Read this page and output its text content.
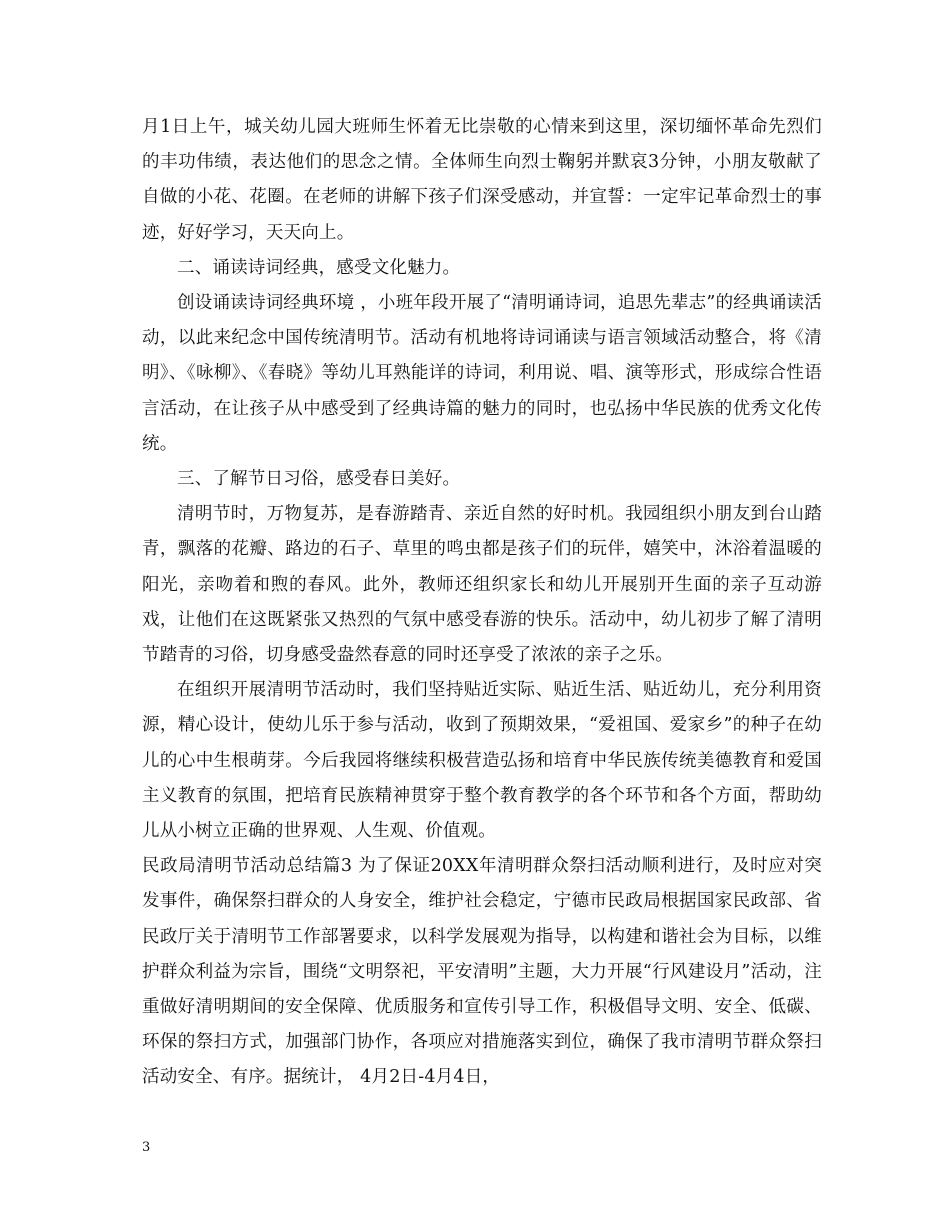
月1日上午，城关幼儿园大班师生怀着无比崇敬的心情来到这里，深切缅怀革命先烈们的丰功伟绩，表达他们的思念之情。全体师生向烈士鞠躬并默哀3分钟，小朋友敬献了自做的小花、花圈。在老师的讲解下孩子们深受感动，并宣誓：一定牢记革命烈士的事迹，好好学习，天天向上。

二、诵读诗词经典，感受文化魅力。

创设诵读诗词经典环境 ，小班年段开展了“清明诵诗词，追思先辈志”的经典诵读活动，以此来纪念中国传统清明节。活动有机地将诗词诵读与语言领域活动整合，将《清明》、《咏柳》、《春晓》等幼儿耳熟能详的诗词，利用说、唱、演等形式，形成综合性语言活动，在让孩子从中感受到了经典诗篇的魅力的同时，也弘扬中华民族的优秀文化传统。

三、了解节日习俗，感受春日美好。

清明节时，万物复苏，是春游踏青、亲近自然的好时机。我园组织小朋友到台山踏青，飘落的花瓣、路边的石子、草里的鸣虫都是孩子们的玩伴，嬉笑中，沐浴着温暖的阳光，亲吻着和煦的春风。此外，教师还组织家长和幼儿开展别开生面的亲子互动游戏，让他们在这既紧张又热烈的气氛中感受春游的快乐。活动中，幼儿初步了解了清明节踏青的习俗，切身感受盎然春意的同时还享受了浓浓的亲子之乐。

在组织开展清明节活动时，我们坚持贴近实际、贴近生活、贴近幼儿，充分利用资源，精心设计，使幼儿乐于参与活动，收到了预期效果，“爱祖国、爱家乡”的种子在幼儿的心中生根萌芽。今后我园将继续积极营造弘扬和培育中华民族传统美德教育和爱国主义教育的氛围，把培育民族精神贯穿于整个教育教学的各个环节和各个方面，帮助幼儿从小树立正确的世界观、人生观、价值观。

民政局清明节活动总结篇3 为了保证20XX年清明群众祭扫活动顺利进行，及时应对突发事件，确保祭扫群众的人身安全，维护社会稳定，宁德市民政局根据国家民政部、省民政厅关于清明节工作部署要求，以科学发展观为指导，以构建和谐社会为目标，以维护群众利益为宗旨，围绕“文明祭祀，平安清明”主题，大力开展“行风建设月”活动，注重做好清明期间的安全保障、优质服务和宣传引导工作，积极倡导文明、安全、低碳、环保的祭扫方式，加强部门协作，各项应对措施落实到位，确保了我市清明节群众祭扫活动安全、有序。据统计， 4月2日-4月4日，

3
